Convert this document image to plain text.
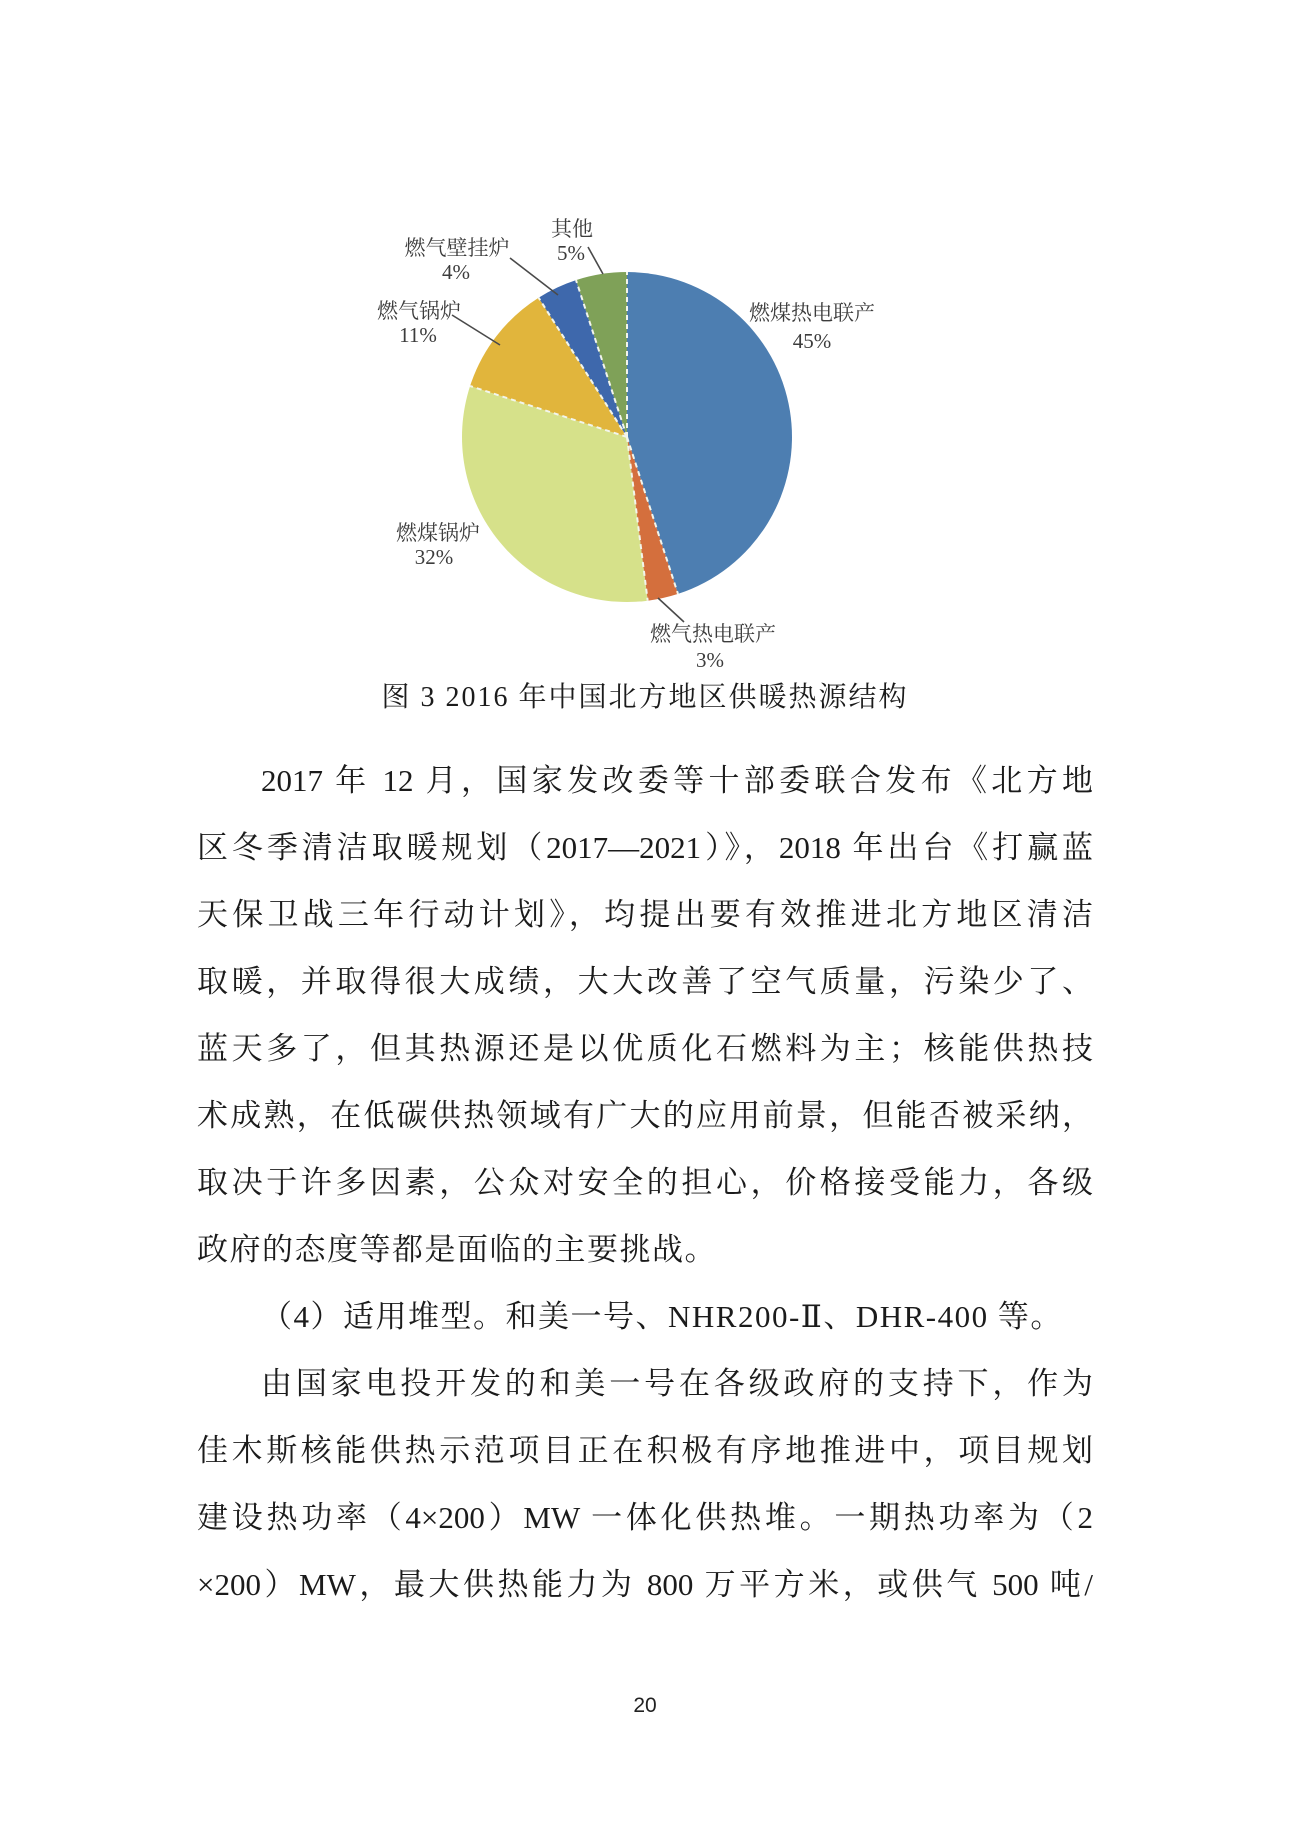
燃煤热电联产
45%
燃气热电联产
3%
燃煤锅炉
32%
燃气锅炉
11%
燃气壁挂炉
4%
其他
5%
图 3 2016 年中国北方地区供暖热源结构
2017 年 12 月，国家发改委等十部委联合发布《北方地
区冬季清洁取暖规划（2017—2021）》，2018 年出台《打赢蓝
天保卫战三年行动计划》，均提出要有效推进北方地区清洁
取暖，并取得很大成绩，大大改善了空气质量，污染少了、
蓝天多了，但其热源还是以优质化石燃料为主；核能供热技
术成熟，在低碳供热领域有广大的应用前景，但能否被采纳，
取决于许多因素，公众对安全的担心，价格接受能力，各级
政府的态度等都是面临的主要挑战。
（4）适用堆型。和美一号、NHR200-Ⅱ、DHR-400 等。
由国家电投开发的和美一号在各级政府的支持下，作为
佳木斯核能供热示范项目正在积极有序地推进中，项目规划
建设热功率（4×200）MW 一体化供热堆。一期热功率为（2
×200）MW，最大供热能力为 800 万平方米，或供气 500 吨/
20
